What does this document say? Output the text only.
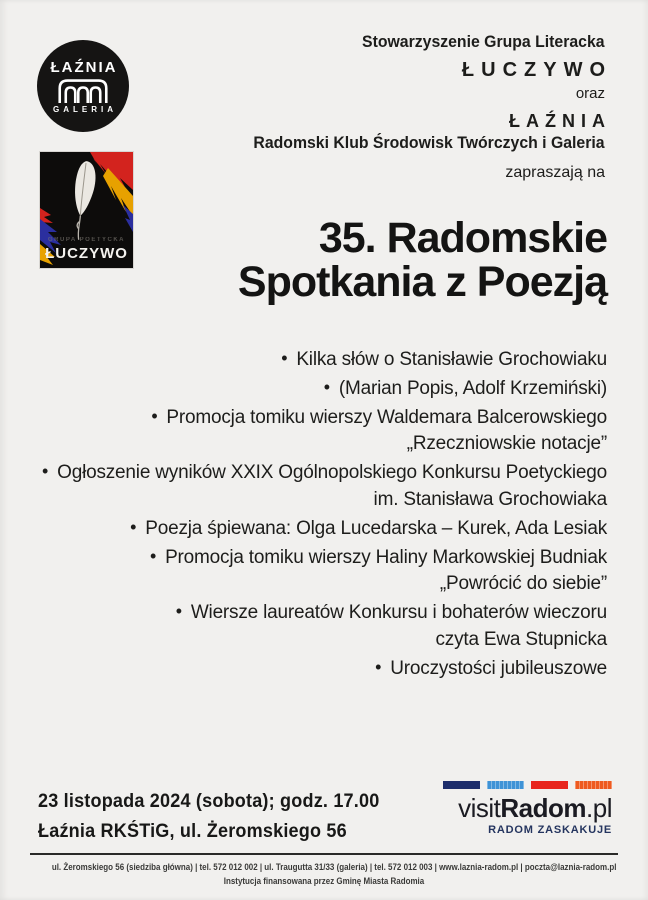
ŁAŹNIA
GALERIA
GRUPA POETYCKA
ŁUCZYWO
Stowarzyszenie Grupa Literacka
ŁUCZYWO
oraz
ŁAŹNIA
Radomski Klub Środowisk Twórczych i Galeria
zapraszają na
35. Radomskie
Spotkania z Poezją
• Kilka słów o Stanisławie Grochowiaku
• (Marian Popis, Adolf Krzemiński)
• Promocja tomiku wierszy Waldemara Balcerowskiego
„Rzeczniowskie notacje”
• Ogłoszenie wyników XXIX Ogólnopolskiego Konkursu Poetyckiego
im. Stanisława Grochowiaka
• Poezja śpiewana: Olga Lucedarska – Kurek, Ada Lesiak
• Promocja tomiku wierszy Haliny Markowskiej Budniak
„Powrócić do siebie”
• Wiersze laureatów Konkursu i bohaterów wieczoru
czyta Ewa Stupnicka
• Uroczystości jubileuszowe
23 listopada 2024 (sobota); godz. 17.00
Łaźnia RKŚTiG, ul. Żeromskiego 56
visitRadom.pl
RADOM ZASKAKUJE
ul. Żeromskiego 56 (siedziba główna) | tel. 572 012 002 | ul. Traugutta 31/33 (galeria) | tel. 572 012 003 | www.laznia-radom.pl | poczta@laznia-radom.pl
Instytucja finansowana przez Gminę Miasta Radomia
